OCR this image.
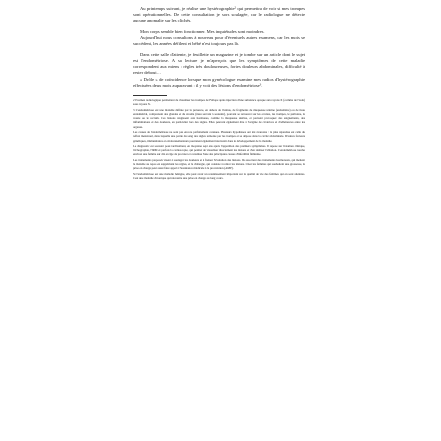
Au printemps suivant, je réalise une hystérographie$^2$ qui permettra de voir si mes trompes sont opérationnelles. De cette consultation je sors soulagée, car le radiologue ne détecte aucune anomalie sur les clichés.

Mon corps semble bien fonctionner. Mes inquiétudes sont moindres.

Aujourd'hui nous consultons à nouveau pour d'éventuels autres examens, car les mois se succèdent, les années défilent et bébé n'est toujours pas là.

Dans cette salle d'attente, je feuillette un magazine et je tombe sur un article dont le sujet est l'endométriose. A sa lecture je m'aperçois que les symptômes de cette maladie correspondent aux miens : règles très douloureuses, fortes douleurs abdominales, difficulté à rester debout…

« Drôle » de coïncidence lorsque mon gynécologue examine mes radios d'hystérographie effectuées deux mois auparavant : il y voit des lésions d'endométriose$^3$.

2 Examen radiologique permettant de visualiser les trompes de Fallope après injection d'une substance opaque aux rayons X (comme de l'iode) sous rayons X.

3 L'endométriose est une maladie définie par la présence, en dehors de l'utérus, de fragments de muqueuse utérine (endomètre) ou de tissu endométrial, comprenant des glandes et du stroma (tissu servant à soutenir), pouvant se retrouver sur les ovaires, les trompes, le péritoine, la vessie ou le rectum. Ces lésions réagissent aux hormones, comme la muqueuse utérine, et peuvent provoquer des saignements, des inflammations et des douleurs, en particulier lors des règles. Elles peuvent également être à l'origine de cicatrices et d'adhérences entre les organes.

Les causes de l'endométriose ne sont pas encore parfaitement connues. Plusieurs hypothèses ont été avancées : la plus répandue est celle du reflux menstruel, dans laquelle une partie du sang des règles remonte par les trompes et se dépose dans la cavité abdominale. D'autres facteurs génétiques, immunitaires et environnementaux pourraient également intervenir dans le développement de la maladie.

Le diagnostic est souvent posé tardivement, en moyenne sept ans après l'apparition des premiers symptômes. Il repose sur l'examen clinique, l'échographie, l'IRM et parfois la cœlioscopie, qui permet de visualiser directement les lésions et d'en réaliser l'ablation. L'endométriose touche environ une femme sur dix en âge de procréer et constitue l'une des principales causes d'infertilité féminine.

Les traitements proposés visent à soulager les douleurs et à freiner l'évolution des lésions. Ils associent des traitements hormonaux, qui mettent la maladie au repos en supprimant les règles, et la chirurgie, qui consiste à retirer les lésions. Chez les femmes qui souhaitent une grossesse, la prise en charge peut aussi faire appel à l'assistance médicale à la procréation (AMP).

Si l'endométriose est une maladie bénigne, elle peut avoir un retentissement important sur la qualité de vie des femmes qui en sont atteintes. Cest une maladie chronique qui nécessite une prise en charge au long cours.
